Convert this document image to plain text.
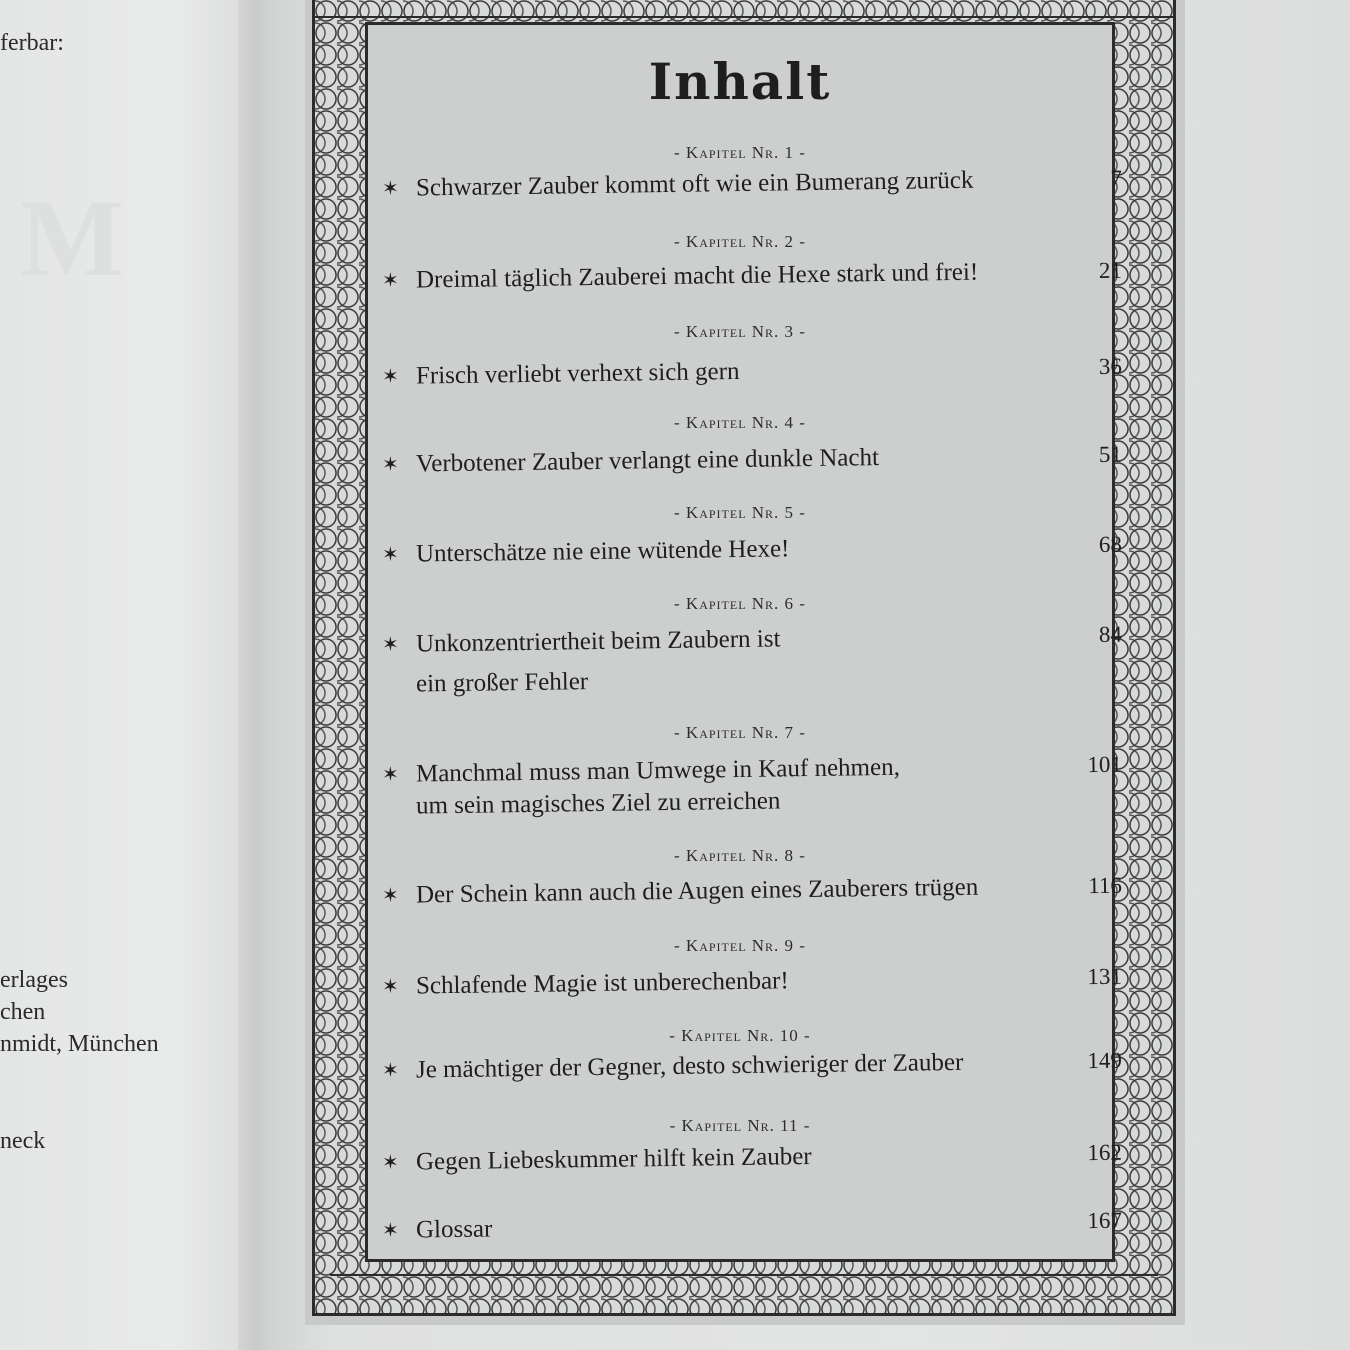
M
ferbar:
erlages
chen
nmidt, München
neck
Inhalt
- Kapitel Nr. 1 -
✶ Schwarzer Zauber kommt oft wie ein Bumerang zurück	7
- Kapitel Nr. 2 -
✶ Dreimal täglich Zauberei macht die Hexe stark und frei!	21
- Kapitel Nr. 3 -
✶ Frisch verliebt verhext sich gern	36
- Kapitel Nr. 4 -
✶ Verbotener Zauber verlangt eine dunkle Nacht	51
- Kapitel Nr. 5 -
✶ Unterschätze nie eine wütende Hexe!	68
- Kapitel Nr. 6 -
✶ Unkonzentriertheit beim Zaubern ist	84
ein großer Fehler
- Kapitel Nr. 7 -
✶ Manchmal muss man Umwege in Kauf nehmen,	101
um sein magisches Ziel zu erreichen
- Kapitel Nr. 8 -
✶ Der Schein kann auch die Augen eines Zauberers trügen	116
- Kapitel Nr. 9 -
✶ Schlafende Magie ist unberechenbar!	131
- Kapitel Nr. 10 -
✶ Je mächtiger der Gegner, desto schwieriger der Zauber	149
- Kapitel Nr. 11 -
✶ Gegen Liebeskummer hilft kein Zauber	162
✶ Glossar	167
